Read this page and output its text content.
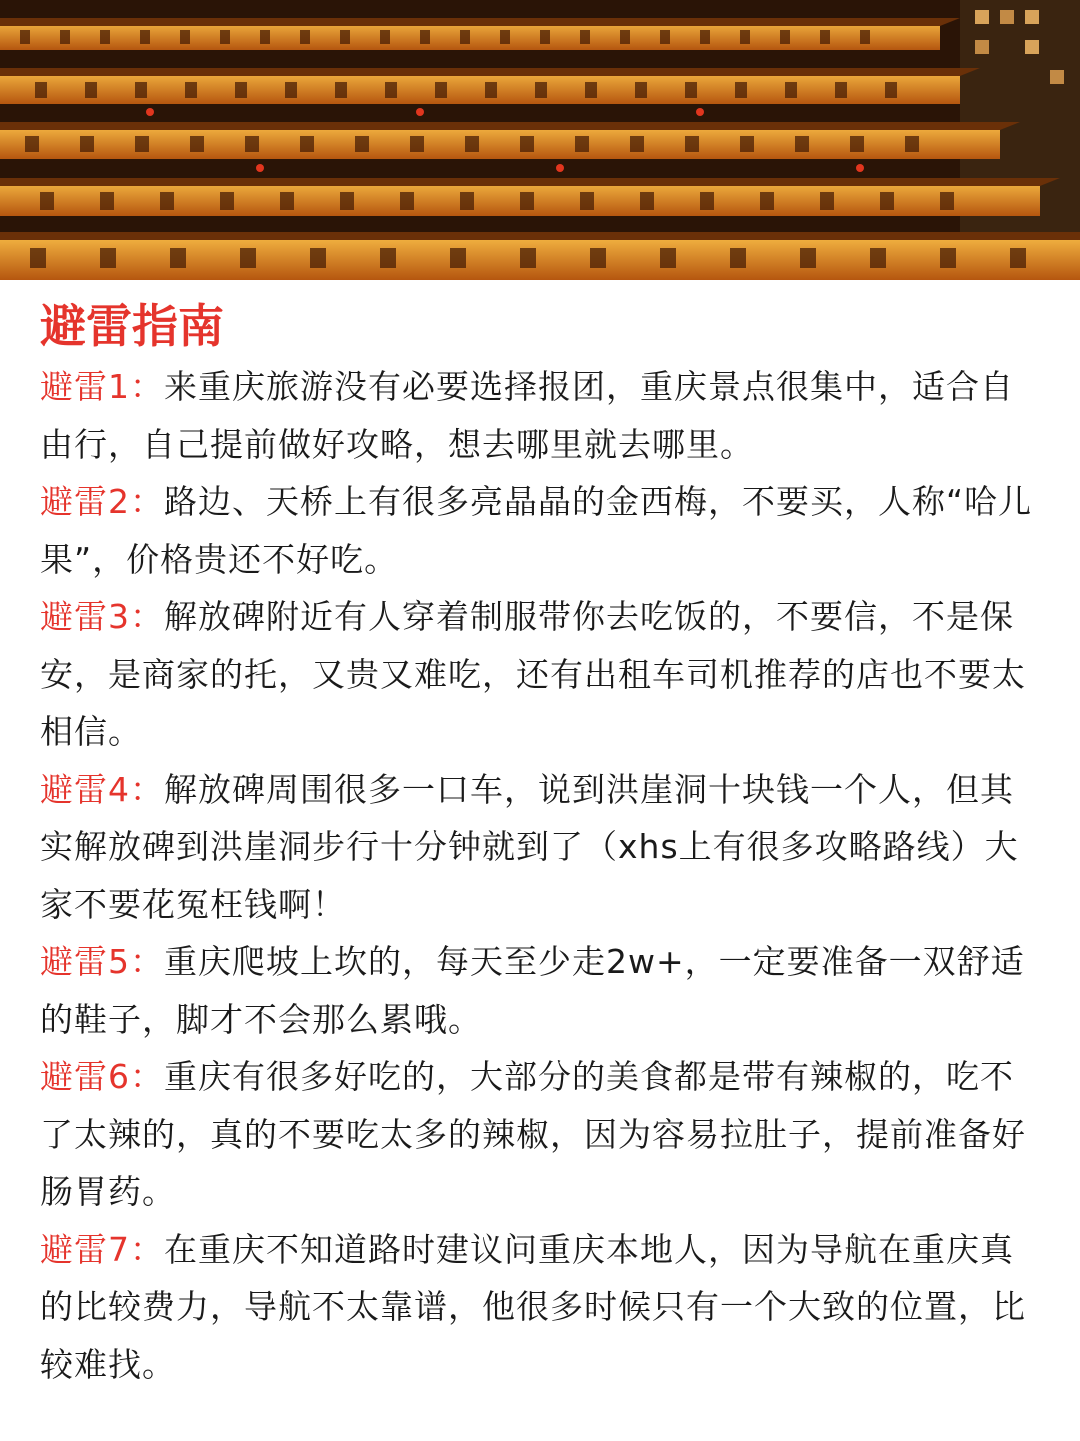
避雷指南

避雷1：来重庆旅游没有必要选择报团，重庆景点很集中，适合自由行，自己提前做好攻略，想去哪里就去哪里。

避雷2：路边、天桥上有很多亮晶晶的金西梅，不要买，人称“哈儿果”，价格贵还不好吃。

避雷3：解放碑附近有人穿着制服带你去吃饭的，不要信，不是保安，是商家的托，又贵又难吃，还有出租车司机推荐的店也不要太相信。

避雷4：解放碑周围很多一口车，说到洪崖洞十块钱一个人，但其实解放碑到洪崖洞步行十分钟就到了（xhs上有很多攻略路线）大家不要花冤枉钱啊！

避雷5：重庆爬坡上坎的，每天至少走2w+，一定要准备一双舒适的鞋子，脚才不会那么累哦。

避雷6：重庆有很多好吃的，大部分的美食都是带有辣椒的，吃不了太辣的，真的不要吃太多的辣椒，因为容易拉肚子，提前准备好肠胃药。

避雷7：在重庆不知道路时建议问重庆本地人，因为导航在重庆真的比较费力，导航不太靠谱，他很多时候只有一个大致的位置，比较难找。
